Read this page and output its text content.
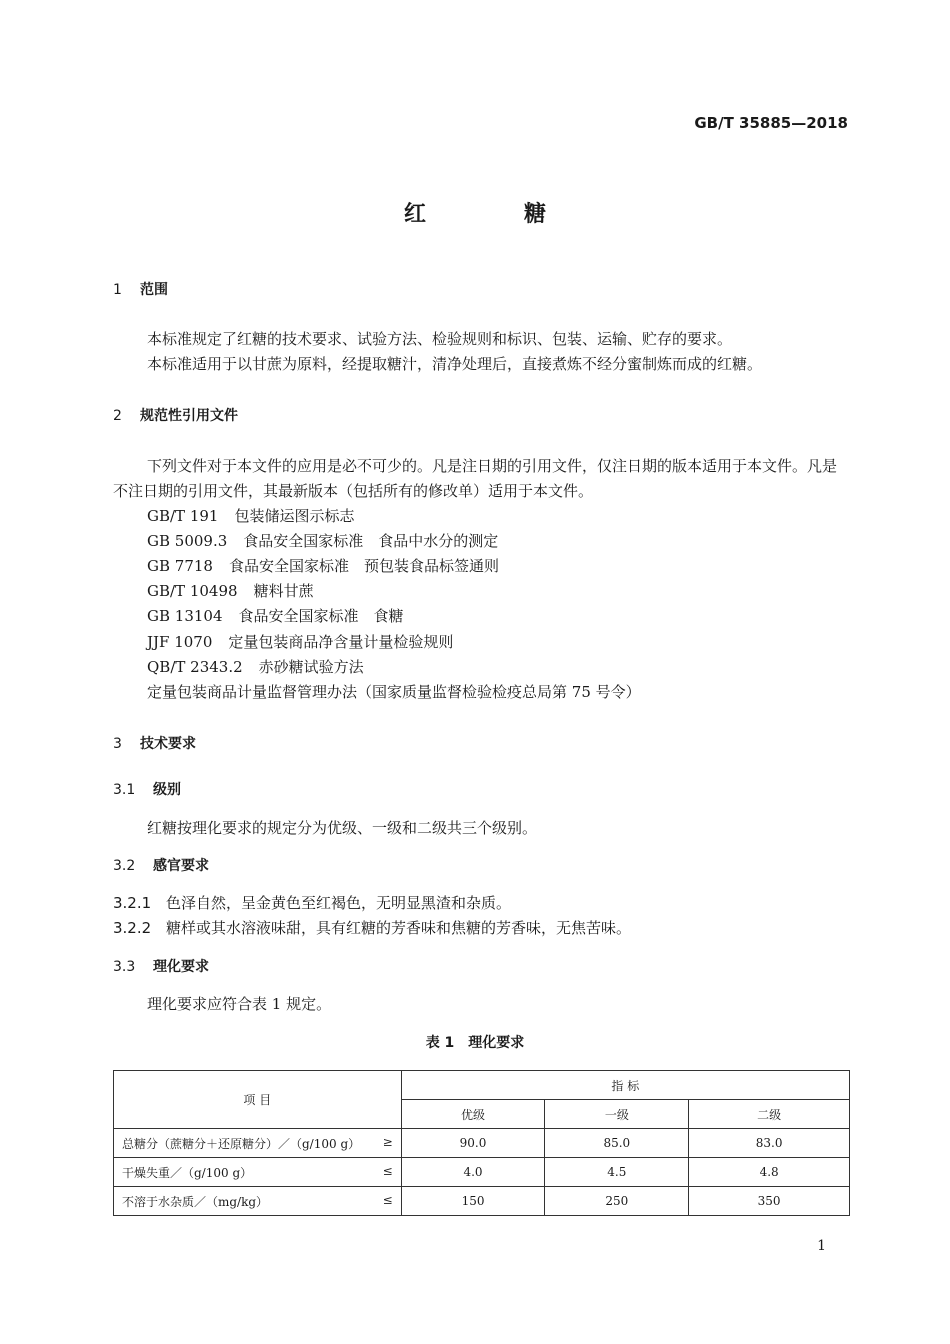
GB/T 35885—2018
红	糖
1 范围
本标准规定了红糖的技术要求、试验方法、检验规则和标识、包装、运输、贮存的要求。
本标准适用于以甘蔗为原料，经提取糖汁，清净处理后，直接煮炼不经分蜜制炼而成的红糖。
2 规范性引用文件
下列文件对于本文件的应用是必不可少的。凡是注日期的引用文件，仅注日期的版本适用于本文件。凡是不注日期的引用文件，其最新版本（包括所有的修改单）适用于本文件。
GB/T 191 包装储运图示标志
GB 5009.3 食品安全国家标准　食品中水分的测定
GB 7718 食品安全国家标准　预包装食品标签通则
GB/T 10498 糖料甘蔗
GB 13104 食品安全国家标准　食糖
JJF 1070 定量包装商品净含量计量检验规则
QB/T 2343.2 赤砂糖试验方法
定量包装商品计量监督管理办法（国家质量监督检验检疫总局第 75 号令）
3 技术要求
3.1 级别
红糖按理化要求的规定分为优级、一级和二级共三个级别。
3.2 感官要求
3.2.1 色泽自然，呈金黄色至红褐色，无明显黑渣和杂质。
3.2.2 糖样或其水溶液味甜，具有红糖的芳香味和焦糖的芳香味，无焦苦味。
3.3 理化要求
理化要求应符合表 1 规定。
表 1　理化要求
项 目	指 标		
	优级	一级	二级
总糖分（蔗糖分＋还原糖分）／（g/100 g） ≥	90.0	85.0	83.0
干燥失重／（g/100 g） ≤	4.0	4.5	4.8
不溶于水杂质／（mg/kg） ≤	150	250	350
1
